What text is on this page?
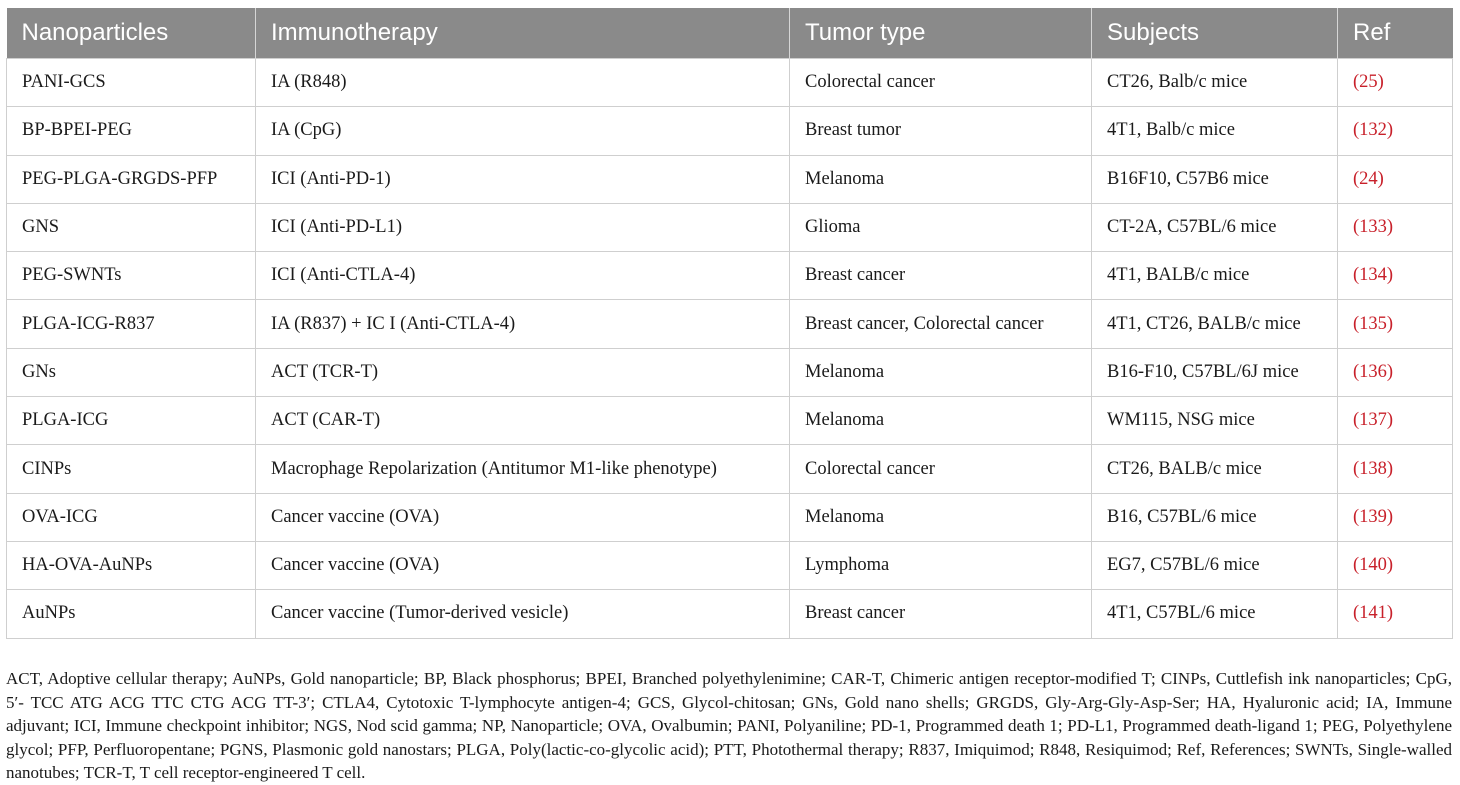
Nanoparticles	Immunotherapy	Tumor type	Subjects	Ref
PANI-GCS	IA (R848)	Colorectal cancer	CT26, Balb/c mice	(25)
BP-BPEI-PEG	IA (CpG)	Breast tumor	4T1, Balb/c mice	(132)
PEG-PLGA-GRGDS-PFP	ICI (Anti-PD-1)	Melanoma	B16F10, C57B6 mice	(24)
GNS	ICI (Anti-PD-L1)	Glioma	CT-2A, C57BL/6 mice	(133)
PEG-SWNTs	ICI (Anti-CTLA-4)	Breast cancer	4T1, BALB/c mice	(134)
PLGA-ICG-R837	IA (R837) + IC I (Anti-CTLA-4)	Breast cancer, Colorectal cancer	4T1, CT26, BALB/c mice	(135)
GNs	ACT (TCR-T)	Melanoma	B16-F10, C57BL/6J mice	(136)
PLGA-ICG	ACT (CAR-T)	Melanoma	WM115, NSG mice	(137)
CINPs	Macrophage Repolarization (Antitumor M1-like phenotype)	Colorectal cancer	CT26, BALB/c mice	(138)
OVA-ICG	Cancer vaccine (OVA)	Melanoma	B16, C57BL/6 mice	(139)
HA-OVA-AuNPs	Cancer vaccine (OVA)	Lymphoma	EG7, C57BL/6 mice	(140)
AuNPs	Cancer vaccine (Tumor-derived vesicle)	Breast cancer	4T1, C57BL/6 mice	(141)

ACT, Adoptive cellular therapy; AuNPs, Gold nanoparticle; BP, Black phosphorus; BPEI, Branched polyethylenimine; CAR-T, Chimeric antigen receptor-modified T; CINPs, Cuttlefish ink nanoparticles; CpG, 5′- TCC ATG ACG TTC CTG ACG TT-3′; CTLA4, Cytotoxic T-lymphocyte antigen-4; GCS, Glycol-chitosan; GNs, Gold nano shells; GRGDS, Gly-Arg-Gly-Asp-Ser; HA, Hyaluronic acid; IA, Immune adjuvant; ICI, Immune checkpoint inhibitor; NGS, Nod scid gamma; NP, Nanoparticle; OVA, Ovalbumin; PANI, Polyaniline; PD-1, Programmed death 1; PD-L1, Programmed death-ligand 1; PEG, Polyethylene glycol; PFP, Perfluoropentane; PGNS, Plasmonic gold nanostars; PLGA, Poly(lactic-co-glycolic acid); PTT, Photothermal therapy; R837, Imiquimod; R848, Resiquimod; Ref, References; SWNTs, Single-walled nanotubes; TCR-T, T cell receptor-engineered T cell.
